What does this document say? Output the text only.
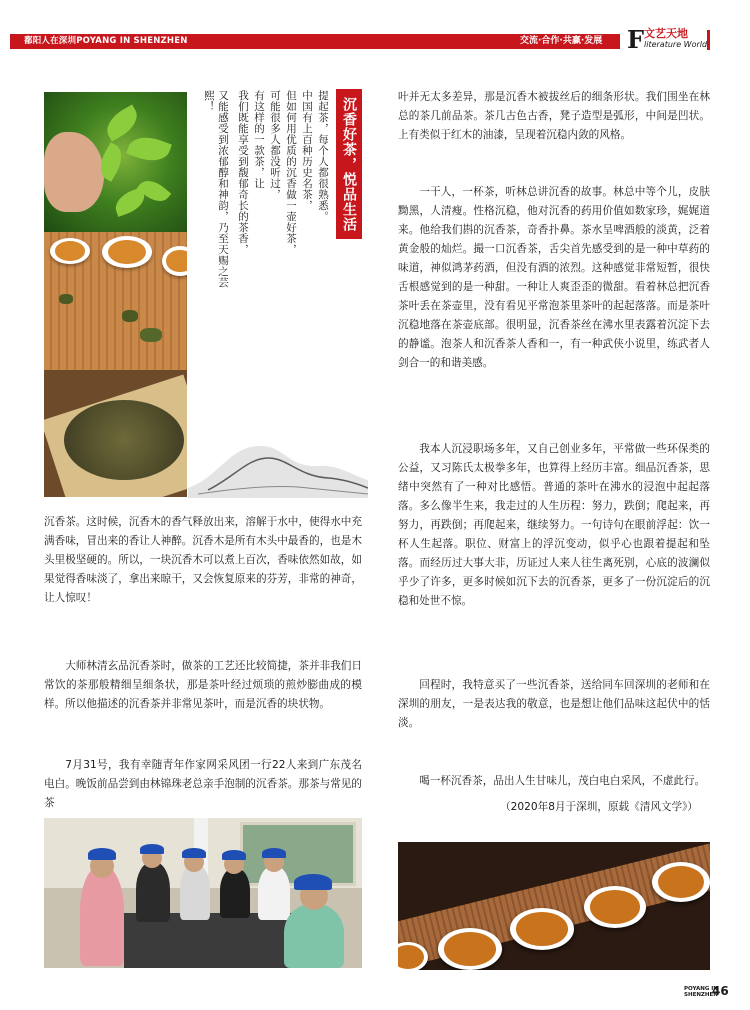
鄱阳人在深圳POYANG IN SHENZHEN	交流·合作·共赢·发展 F 文艺天地
literature World
沉香好茶，悦品生活
提起茶，每个人都很熟悉。
中国有上百种历史名茶，
但如何用优质的沉香做一壶好茶，
可能很多人都没听过，
有这样的一款茶，让
我们既能享受到馥郁奇长的茶香，
又能感受到浓郁醇和神韵，乃至天赐之芸熙！
沉香茶。这时候，沉香木的香气释放出来，溶解于水中，使得水中充满香味，冒出来的香让人神醉。沉香木是所有木头中最香的，也是木头里极坚硬的。所以，一块沉香木可以煮上百次，香味依然如故，如果觉得香味淡了，拿出来晾干，又会恢复原来的芬芳，非常的神奇，让人惊叹！
大师林清玄品沉香茶时，做茶的工艺还比较简捷，茶并非我们日常饮的茶那般精细呈细条状，那是茶叶经过烦琐的煎炒膨曲成的模样。所以他描述的沉香茶并非常见茶叶，而是沉香的块状物。
7月31号，我有幸随青年作家网采风团一行22人来到广东茂名电白。晚饭前品尝到由林锦珠老总亲手泡制的沉香茶。那茶与常见的茶
叶并无太多差异，那是沉香木被拔丝后的细条形状。我们围坐在林总的茶几前品茶。茶几古色古香，凳子造型是弧形，中间是凹状。上有类似于红木的油漆，呈现着沉稳内敛的风格。
一干人，一杯茶，听林总讲沉香的故事。林总中等个儿，皮肤黝黑，人清瘦。性格沉稳，他对沉香的药用价值如数家珍，娓娓道来。他给我们斟的沉香茶，奇香扑鼻。茶水呈啤酒般的淡黄，泛着黄金般的灿烂。撮一口沉香茶，舌尖首先感受到的是一种中草药的味道，神似鸿茅药酒，但没有酒的浓烈。这种感觉非常短暂，很快舌根感觉到的是一种甜。一种让人爽歪歪的微甜。看着林总把沉香茶叶丢在茶壶里，没有看见平常泡茶里茶叶的起起落落。而是茶叶沉稳地落在茶壶底部。很明显，沉香茶丝在沸水里表露着沉淀下去的静谧。泡茶人和沉香茶人香和一，有一种武侠小说里，练武者人剑合一的和谐美感。
我本人沉浸职场多年，又自己创业多年，平常做一些环保类的公益，又习陈氏太极拳多年，也算得上经历丰富。细品沉香茶，思绪中突然有了一种对比感悟。普通的茶叶在沸水的浸泡中起起落落。多么像半生来，我走过的人生历程：努力，跌倒；爬起来，再努力，再跌倒；再爬起来，继续努力。一句诗句在眼前浮起：饮一杯人生起落。职位、财富上的浮沉变动，似乎心也跟着提起和坠落。而经历过大事大非，历证过人来人往生离死别，心底的波澜似乎少了许多，更多时候如沉下去的沉香茶，更多了一份沉淀后的沉稳和处世不惊。
回程时，我特意买了一些沉香茶，送给同车回深圳的老师和在深圳的朋友，一是表达我的敬意，也是想让他们品味这起伏中的恬淡。
喝一杯沉香茶，品出人生甘味儿，茂白电白采风，不虚此行。
（2020年8月于深圳，原载《清风文学》）
POYANG IN
SHENZHEN
46
